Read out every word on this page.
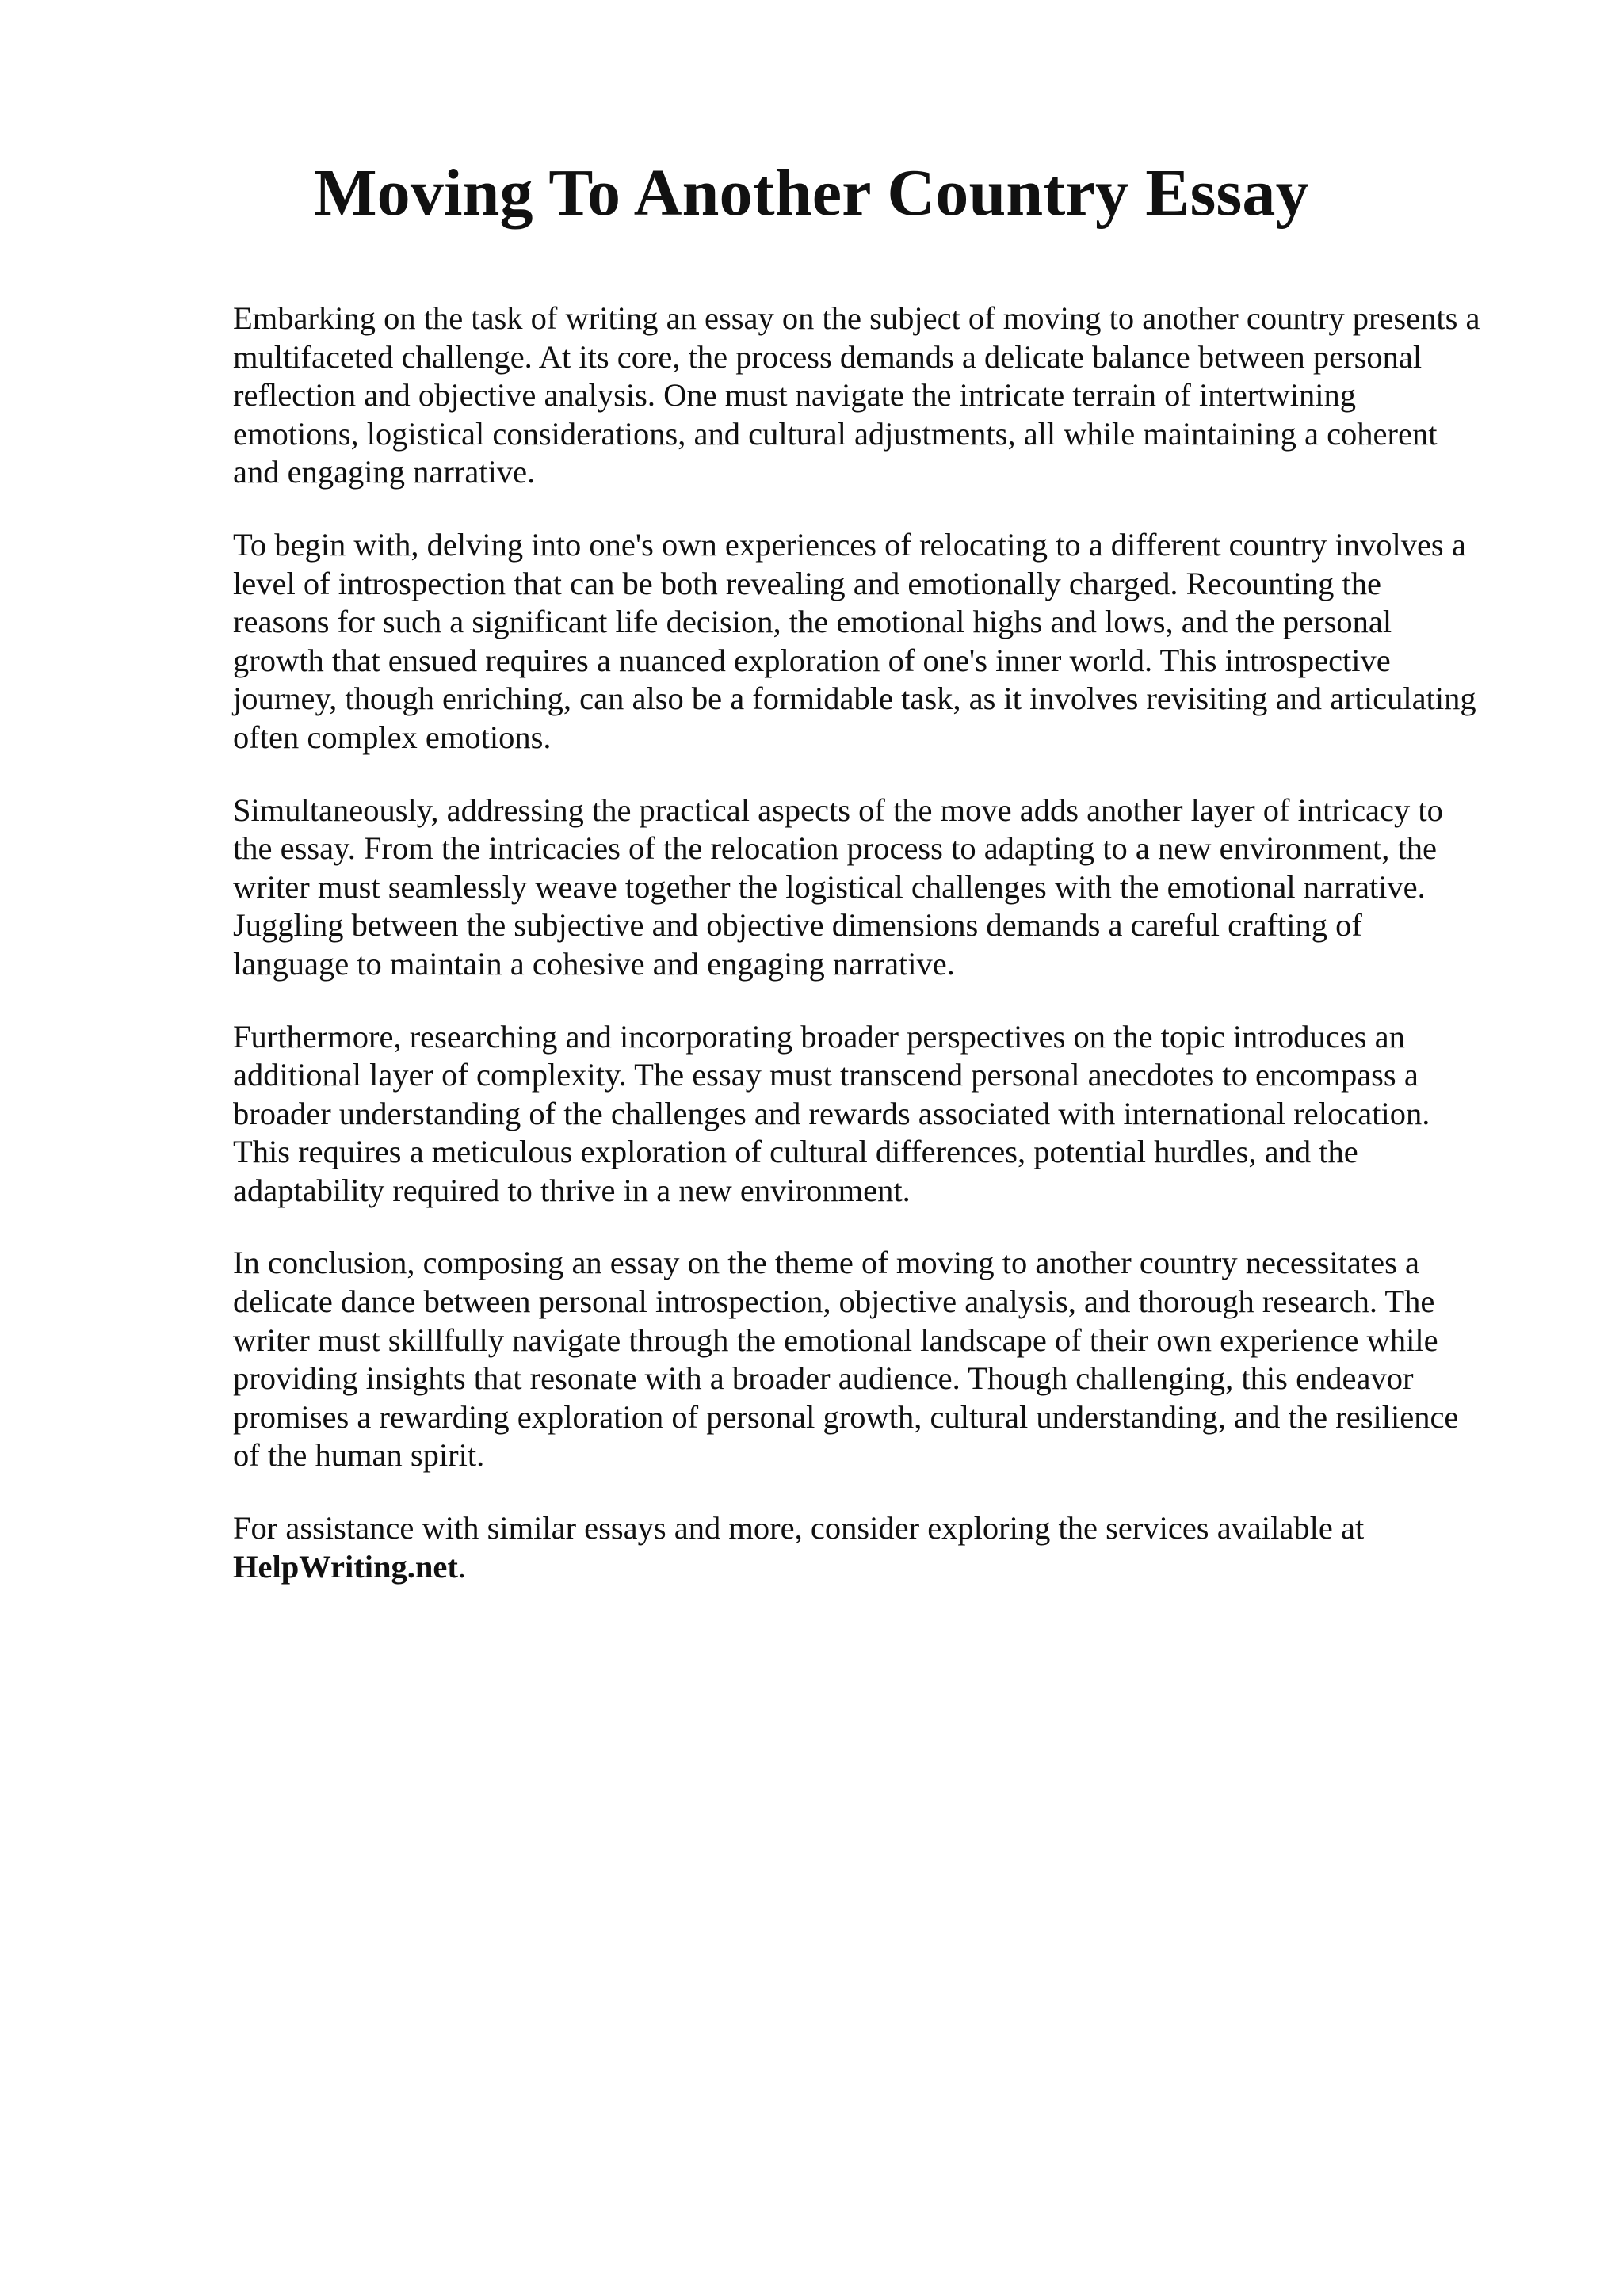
Moving To Another Country Essay

Embarking on the task of writing an essay on the subject of moving to another country presents a
multifaceted challenge. At its core, the process demands a delicate balance between personal
reflection and objective analysis. One must navigate the intricate terrain of intertwining
emotions, logistical considerations, and cultural adjustments, all while maintaining a coherent
and engaging narrative.

To begin with, delving into one's own experiences of relocating to a different country involves a
level of introspection that can be both revealing and emotionally charged. Recounting the
reasons for such a significant life decision, the emotional highs and lows, and the personal
growth that ensued requires a nuanced exploration of one's inner world. This introspective
journey, though enriching, can also be a formidable task, as it involves revisiting and articulating
often complex emotions.

Simultaneously, addressing the practical aspects of the move adds another layer of intricacy to
the essay. From the intricacies of the relocation process to adapting to a new environment, the
writer must seamlessly weave together the logistical challenges with the emotional narrative.
Juggling between the subjective and objective dimensions demands a careful crafting of
language to maintain a cohesive and engaging narrative.

Furthermore, researching and incorporating broader perspectives on the topic introduces an
additional layer of complexity. The essay must transcend personal anecdotes to encompass a
broader understanding of the challenges and rewards associated with international relocation.
This requires a meticulous exploration of cultural differences, potential hurdles, and the
adaptability required to thrive in a new environment.

In conclusion, composing an essay on the theme of moving to another country necessitates a
delicate dance between personal introspection, objective analysis, and thorough research. The
writer must skillfully navigate through the emotional landscape of their own experience while
providing insights that resonate with a broader audience. Though challenging, this endeavor
promises a rewarding exploration of personal growth, cultural understanding, and the resilience
of the human spirit.

For assistance with similar essays and more, consider exploring the services available at
HelpWriting.net.
